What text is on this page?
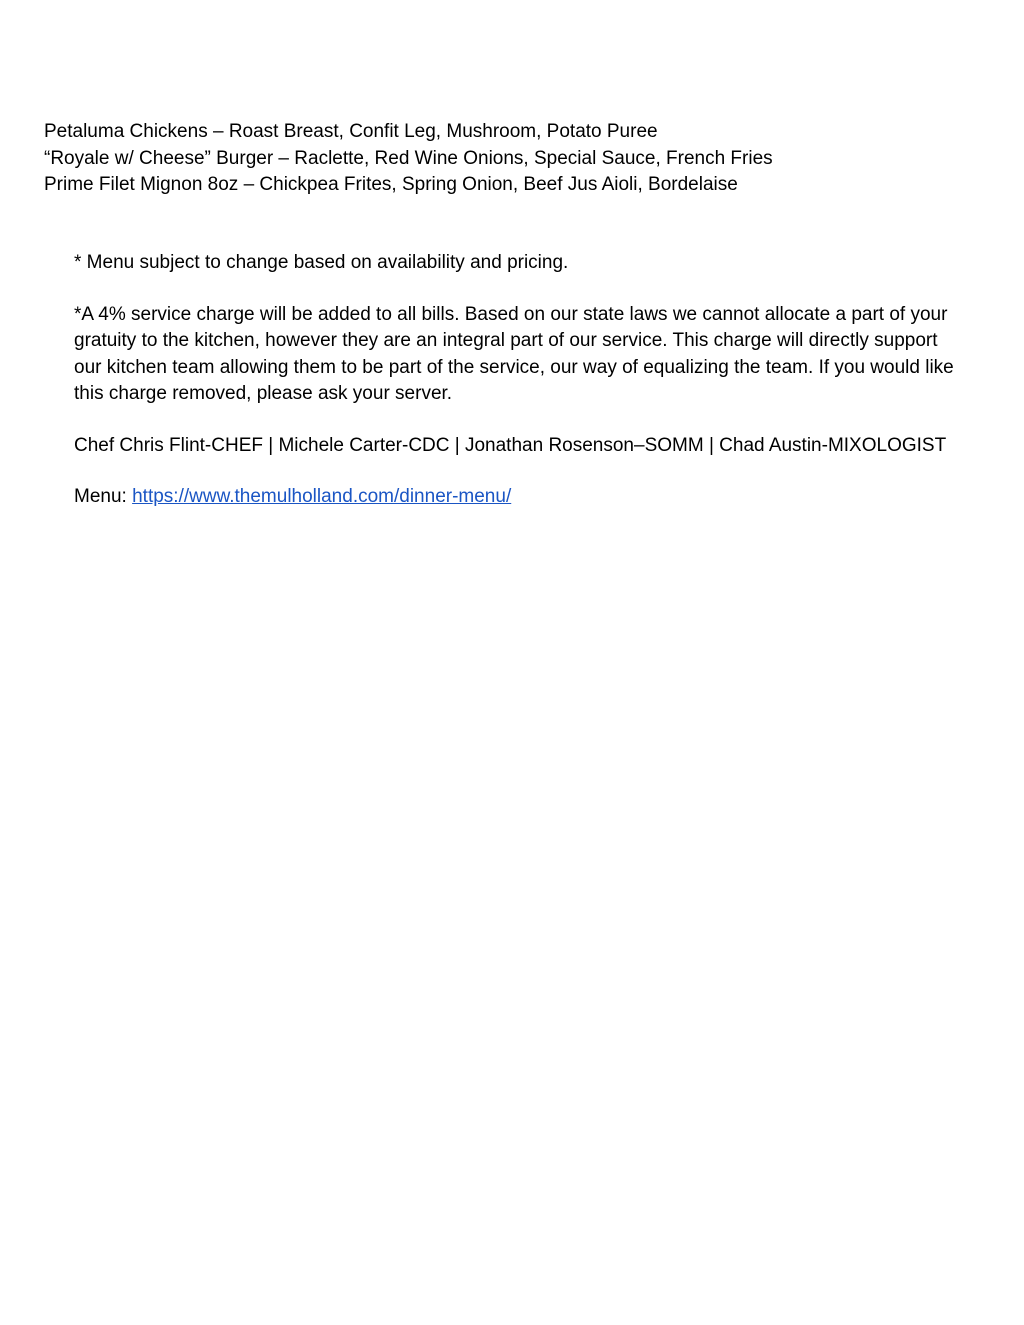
Petaluma Chickens – Roast Breast, Confit Leg, Mushroom, Potato Puree
“Royale w/ Cheese” Burger – Raclette, Red Wine Onions, Special Sauce, French Fries
Prime Filet Mignon 8oz – Chickpea Frites, Spring Onion, Beef Jus Aioli, Bordelaise

* Menu subject to change based on availability and pricing.

*A 4% service charge will be added to all bills. Based on our state laws we cannot allocate a part of your gratuity to the kitchen, however they are an integral part of our service. This charge will directly support our kitchen team allowing them to be part of the service, our way of equalizing the team. If you would like this charge removed, please ask your server.

Chef Chris Flint-CHEF | Michele Carter-CDC | Jonathan Rosenson–SOMM | Chad Austin-MIXOLOGIST

Menu: https://www.themulholland.com/dinner-menu/
